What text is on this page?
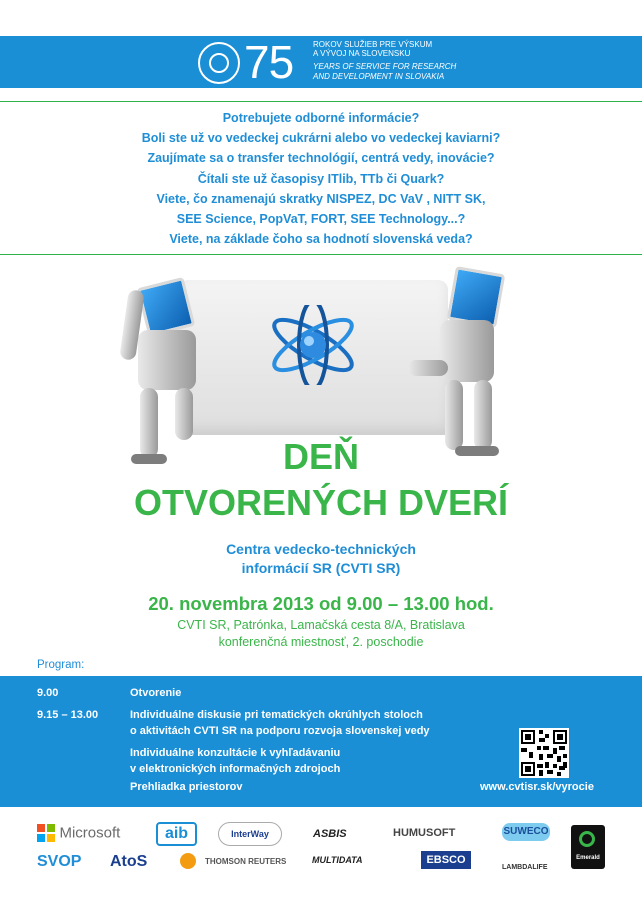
75 ROKOV SLUŽIEB PRE VÝSKUM
A VÝVOJ NA SLOVENSKU
YEARS OF SERVICE FOR RESEARCH
AND DEVELOPMENT IN SLOVAKIA
Potrebujete odborné informácie?
Boli ste už vo vedeckej cukrárni alebo vo vedeckej kaviarni?
Zaujímate sa o transfer technológií, centrá vedy, inovácie?
Čítali ste už časopisy ITlib, TTb či Quark?
Viete, čo znamenajú skratky NISPEZ, DC VaV , NITT SK,
SEE Science, PopVaT, FORT, SEE Technology...?
Viete, na základe čoho sa hodnotí slovenská veda?
DEŇ
OTVORENÝCH DVERÍ
Centra vedecko-technických
informácií SR (CVTI SR)
20. novembra 2013 od 9.00 – 13.00 hod.
CVTI SR, Patrónka, Lamačská cesta 8/A, Bratislava
konferenčná miestnosť, 2. poschodie
Program:
9.00	Otvorenie
9.15 – 13.00	Individuálne diskusie pri tematických okrúhlych stoloch
o aktivitách CVTI SR na podporu rozvoja slovenskej vedy
Individuálne konzultácie k vyhľadávaniu
v elektronických informačných zdrojoch
Prehliadka priestorov	www.cvtisr.sk/vyrocie
Microsoft	aib	InterWay	ASBIS	HUMUSOFT	SUWECO
SVOP AtoS	THOMSON REUTERS	MULTIDATA	EBSCO
LAMBDALIFE
Emerald
